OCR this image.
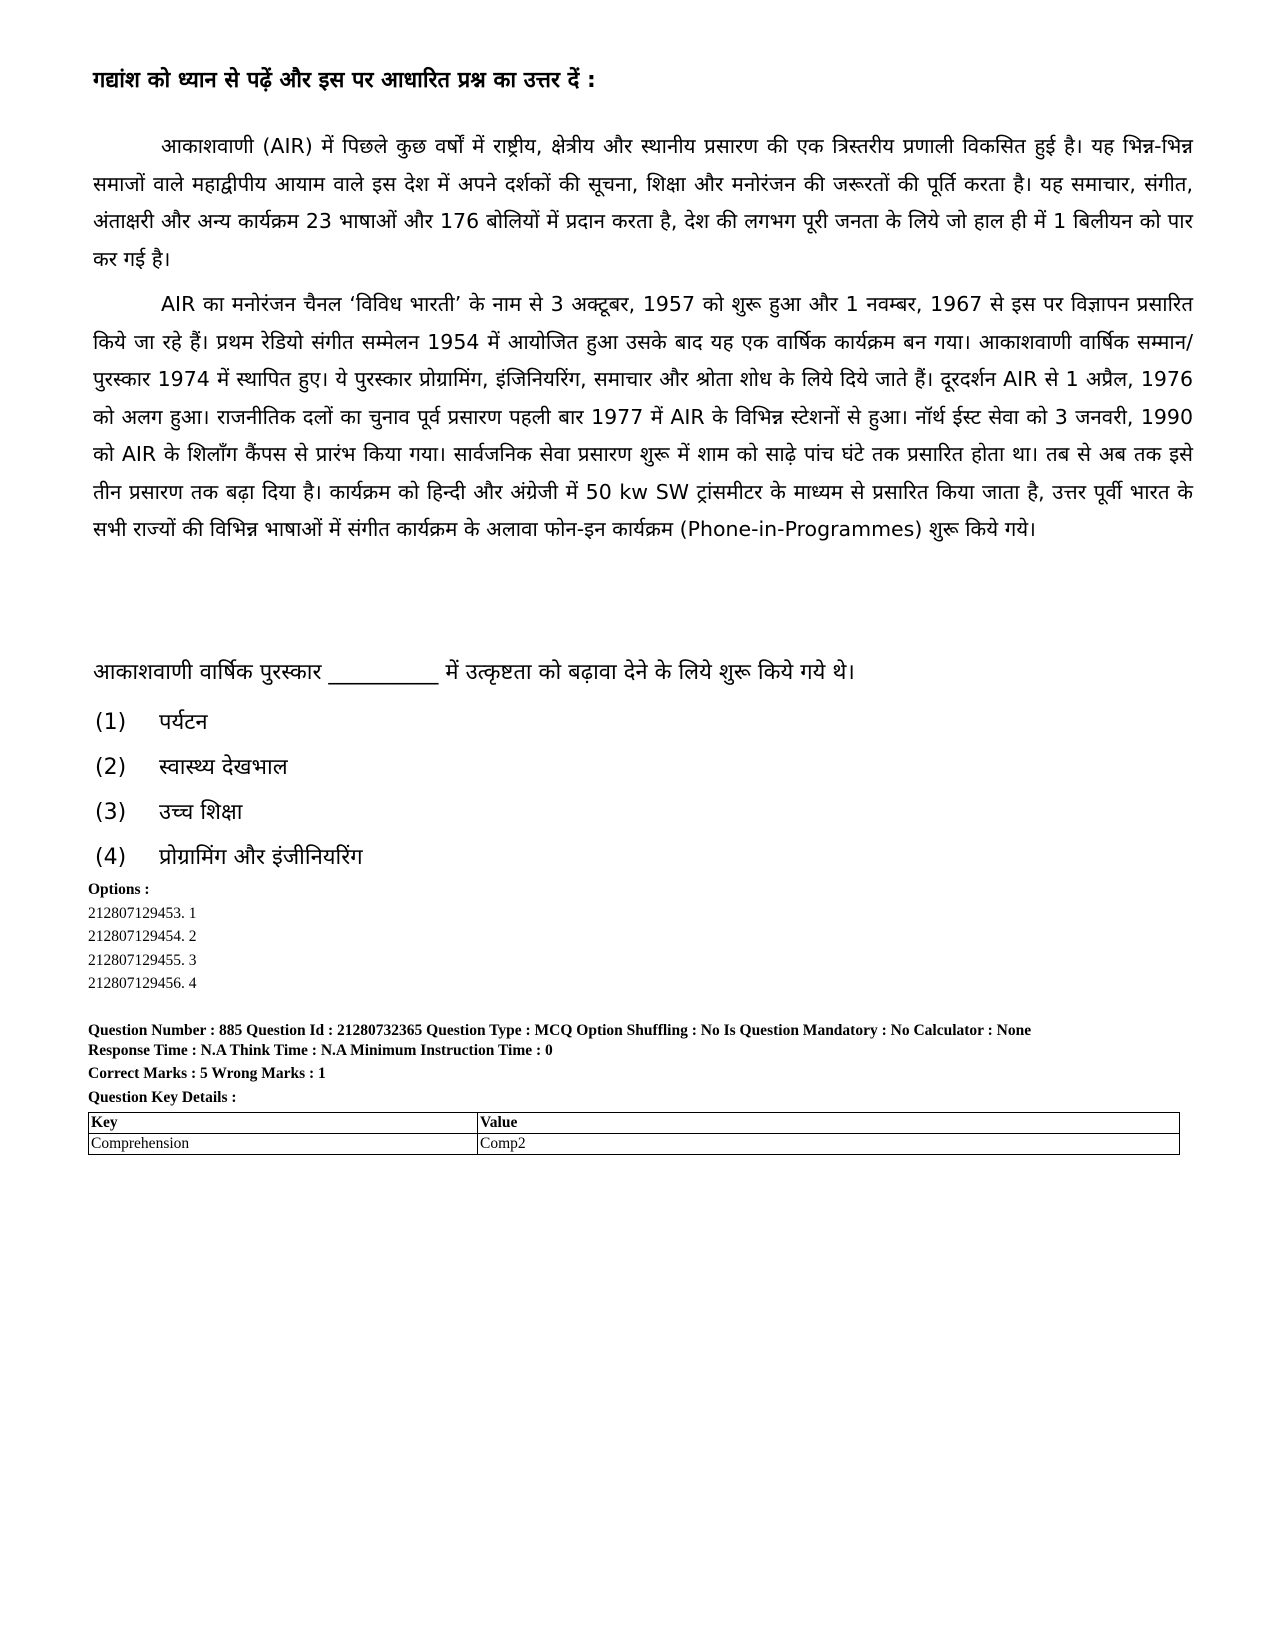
गद्यांश को ध्यान से पढ़ें और इस पर आधारित प्रश्न का उत्तर दें :

आकाशवाणी (AIR) में पिछले कुछ वर्षों में राष्ट्रीय, क्षेत्रीय और स्थानीय प्रसारण की एक त्रिस्तरीय प्रणाली विकसित हुई है। यह भिन्न-भिन्न समाजों वाले महाद्वीपीय आयाम वाले इस देश में अपने दर्शकों की सूचना, शिक्षा और मनोरंजन की जरूरतों की पूर्ति करता है। यह समाचार, संगीत, अंताक्षरी और अन्य कार्यक्रम 23 भाषाओं और 176 बोलियों में प्रदान करता है, देश की लगभग पूरी जनता के लिये जो हाल ही में 1 बिलीयन को पार कर गई है।

AIR का मनोरंजन चैनल ‘विविध भारती’ के नाम से 3 अक्टूबर, 1957 को शुरू हुआ और 1 नवम्बर, 1967 से इस पर विज्ञापन प्रसारित किये जा रहे हैं। प्रथम रेडियो संगीत सम्मेलन 1954 में आयोजित हुआ उसके बाद यह एक वार्षिक कार्यक्रम बन गया। आकाशवाणी वार्षिक सम्मान/पुरस्कार 1974 में स्थापित हुए। ये पुरस्कार प्रोग्रामिंग, इंजिनियरिंग, समाचार और श्रोता शोध के लिये दिये जाते हैं। दूरदर्शन AIR से 1 अप्रैल, 1976 को अलग हुआ। राजनीतिक दलों का चुनाव पूर्व प्रसारण पहली बार 1977 में AIR के विभिन्न स्टेशनों से हुआ। नॉर्थ ईस्ट सेवा को 3 जनवरी, 1990 को AIR के शिलाँग कैंपस से प्रारंभ किया गया। सार्वजनिक सेवा प्रसारण शुरू में शाम को साढ़े पांच घंटे तक प्रसारित होता था। तब से अब तक इसे तीन प्रसारण तक बढ़ा दिया है। कार्यक्रम को हिन्दी और अंग्रेजी में 50 kw SW ट्रांसमीटर के माध्यम से प्रसारित किया जाता है, उत्तर पूर्वी भारत के सभी राज्यों की विभिन्न भाषाओं में संगीत कार्यक्रम के अलावा फोन-इन कार्यक्रम (Phone-in-Programmes) शुरू किये गये।

आकाशवाणी वार्षिक पुरस्कार __________ में उत्कृष्टता को बढ़ावा देने के लिये शुरू किये गये थे।
(1) पर्यटन
(2) स्वास्थ्य देखभाल
(3) उच्च शिक्षा
(4) प्रोग्रामिंग और इंजीनियरिंग
Options :
212807129453. 1
212807129454. 2
212807129455. 3
212807129456. 4
Question Number : 885 Question Id : 21280732365 Question Type : MCQ Option Shuffling : No Is Question Mandatory : No Calculator : None
Response Time : N.A Think Time : N.A Minimum Instruction Time : 0
Correct Marks : 5 Wrong Marks : 1
Question Key Details :
Key	Value
Comprehension	Comp2
